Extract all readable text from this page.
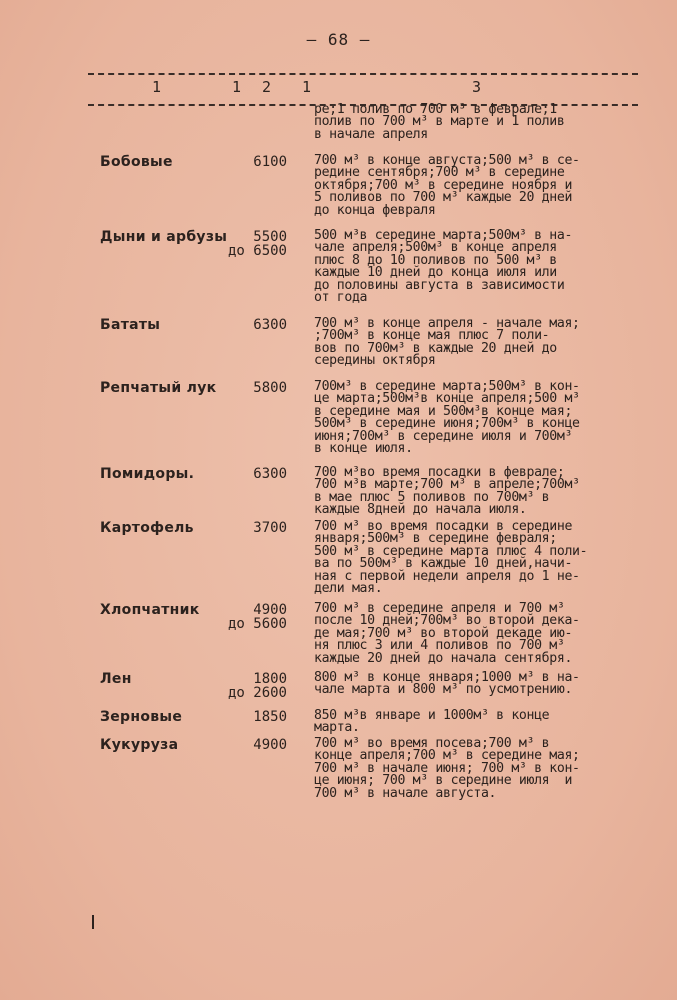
— 68 —
1	1 2 1	3
ре;1 полив по 700 м³ в феврале;1
полив по 700 м³ в марте и 1 полив
в начале апреля
Бобовые	6100 700 м³ в конце августа;500 м³ в се-
редине сентября;700 м³ в середине
октября;700 м³ в середине ноября и
5 поливов по 700 м³ каждые 20 дней
до конца февраля
Дыни и арбузы	5500
до 6500
500 м³в середине марта;500м³ в на-
чале апреля;500м³ в конце апреля
плюс 8 до 10 поливов по 500 м³ в
каждые 10 дней до конца июля или
до половины августа в зависимости
от года
Бататы	6300 700 м³ в конце апреля - начале мая;
;700м³ в конце мая плюс 7 поли-
вов по 700м³ в каждые 20 дней до
середины октября
Репчатый лук	5800 700м³ в середине марта;500м³ в кон-
це марта;500м³в конце апреля;500 м³
в середине мая и 500м³в конце мая;
500м³ в середине июня;700м³ в конце
июня;700м³ в середине июля и 700м³
в конце июля.
Помидоры.	6300 700 м³во время посадки в феврале;
700 м³в марте;700 м³ в апреле;700м³
в мае плюс 5 поливов по 700м³ в
каждые 8дней до начала июля.
Картофель	3700 700 м³ во время посадки в середине
января;500м³ в середине февраля;
500 м³ в середине марта плюс 4 поли-
ва по 500м³ в каждые 10 дней,начи-
ная с первой недели апреля до 1 не-
дели мая.
Хлопчатник	4900
до 5600
700 м³ в середине апреля и 700 м³
после 10 дней;700м³ во второй дека-
де мая;700 м³ во второй декаде ию-
ня плюс 3 или 4 поливов по 700 м³
каждые 20 дней до начала сентября.
Лен	1800
до 2600
800 м³ в конце января;1000 м³ в на-
чале марта и 800 м³ по усмотрению.
Зерновые	1850 850 м³в январе и 1000м³ в конце
марта.
Кукуруза	4900 700 м³ во время посева;700 м³ в
конце апреля;700 м³ в середине мая;
700 м³ в начале июня; 700 м³ в кон-
це июня; 700 м³ в середине июля  и
700 м³ в начале августа.
